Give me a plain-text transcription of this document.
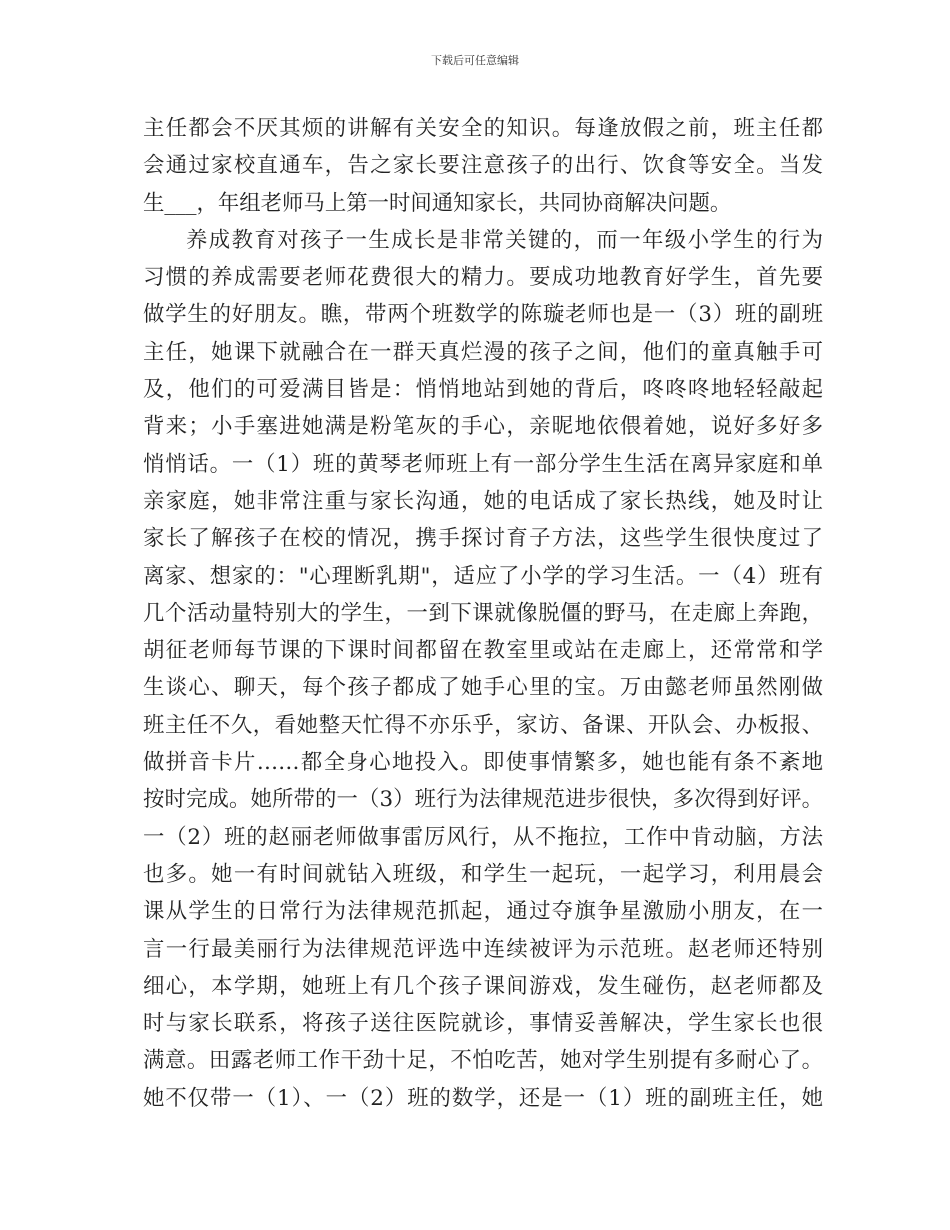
下载后可任意编辑
主任都会不厌其烦的讲解有关安全的知识。每逢放假之前，班主任都
会通过家校直通车，告之家长要注意孩子的出行、饮食等安全。当发
生___，年组老师马上第一时间通知家长，共同协商解决问题。
养成教育对孩子一生成长是非常关键的，而一年级小学生的行为
习惯的养成需要老师花费很大的精力。要成功地教育好学生，首先要
做学生的好朋友。瞧，带两个班数学的陈璇老师也是一（3）班的副班
主任，她课下就融合在一群天真烂漫的孩子之间，他们的童真触手可
及，他们的可爱满目皆是：悄悄地站到她的背后，咚咚咚地轻轻敲起
背来；小手塞进她满是粉笔灰的手心，亲昵地依偎着她，说好多好多
悄悄话。一（1）班的黄琴老师班上有一部分学生生活在离异家庭和单
亲家庭，她非常注重与家长沟通，她的电话成了家长热线，她及时让
家长了解孩子在校的情况，携手探讨育子方法，这些学生很快度过了
离家、想家的："心理断乳期"，适应了小学的学习生活。一（4）班有
几个活动量特别大的学生，一到下课就像脱僵的野马，在走廊上奔跑，
胡征老师每节课的下课时间都留在教室里或站在走廊上，还常常和学
生谈心、聊天，每个孩子都成了她手心里的宝。万由懿老师虽然刚做
班主任不久，看她整天忙得不亦乐乎，家访、备课、开队会、办板报、
做拼音卡片……都全身心地投入。即使事情繁多，她也能有条不紊地
按时完成。她所带的一（3）班行为法律规范进步很快，多次得到好评。
一（2）班的赵丽老师做事雷厉风行，从不拖拉，工作中肯动脑，方法
也多。她一有时间就钻入班级，和学生一起玩，一起学习，利用晨会
课从学生的日常行为法律规范抓起，通过夺旗争星激励小朋友，在一
言一行最美丽行为法律规范评选中连续被评为示范班。赵老师还特别
细心，本学期，她班上有几个孩子课间游戏，发生碰伤，赵老师都及
时与家长联系，将孩子送往医院就诊，事情妥善解决，学生家长也很
满意。田露老师工作干劲十足，不怕吃苦，她对学生别提有多耐心了。
她不仅带一（1）、一（2）班的数学，还是一（1）班的副班主任，她
